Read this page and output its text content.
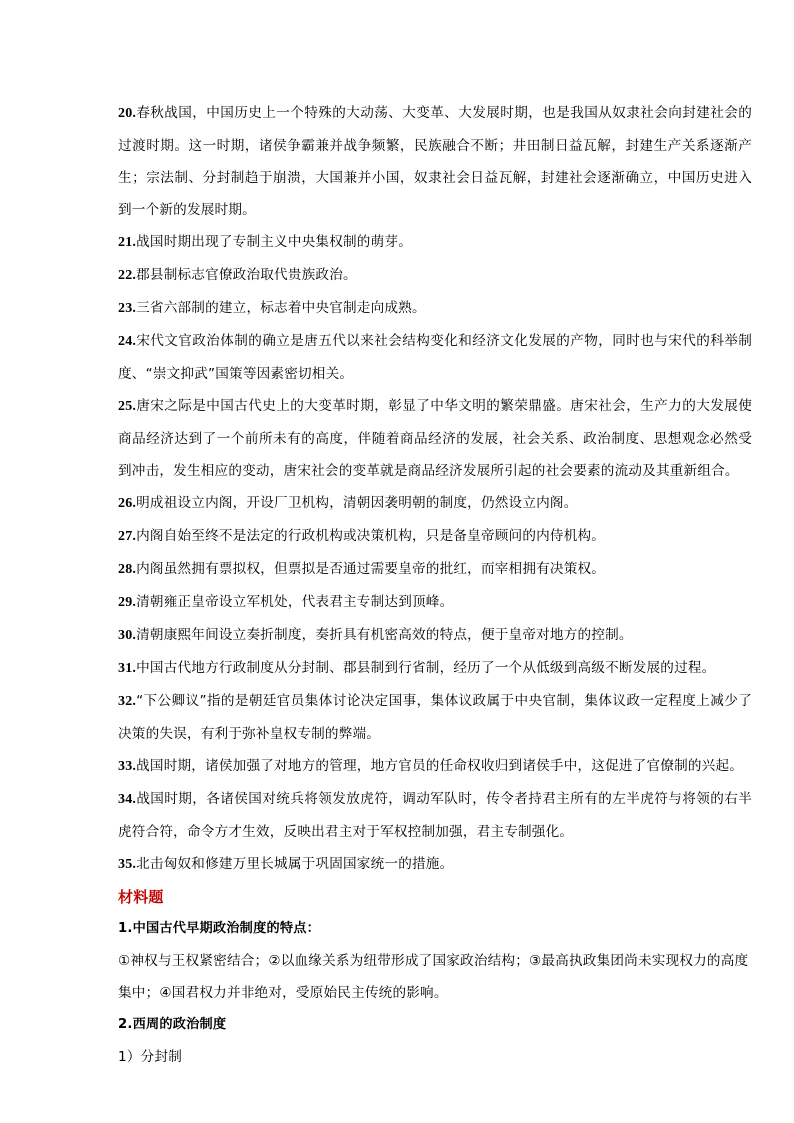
20.春秋战国，中国历史上一个特殊的大动荡、大变革、大发展时期，也是我国从奴隶社会向封建社会的过渡时期。这一时期，诸侯争霸兼并战争频繁，民族融合不断；井田制日益瓦解，封建生产关系逐渐产生；宗法制、分封制趋于崩溃，大国兼并小国，奴隶社会日益瓦解，封建社会逐渐确立，中国历史进入到一个新的发展时期。

21.战国时期出现了专制主义中央集权制的萌芽。

22.郡县制标志官僚政治取代贵族政治。

23.三省六部制的建立，标志着中央官制走向成熟。

24.宋代文官政治体制的确立是唐五代以来社会结构变化和经济文化发展的产物，同时也与宋代的科举制度、“崇文抑武”国策等因素密切相关。

25.唐宋之际是中国古代史上的大变革时期，彰显了中华文明的繁荣鼎盛。唐宋社会，生产力的大发展使商品经济达到了一个前所未有的高度，伴随着商品经济的发展，社会关系、政治制度、思想观念必然受到冲击，发生相应的变动，唐宋社会的变革就是商品经济发展所引起的社会要素的流动及其重新组合。

26.明成祖设立内阁，开设厂卫机构，清朝因袭明朝的制度，仍然设立内阁。

27.内阁自始至终不是法定的行政机构或决策机构，只是备皇帝顾问的内侍机构。

28.内阁虽然拥有票拟权，但票拟是否通过需要皇帝的批红，而宰相拥有决策权。

29.清朝雍正皇帝设立军机处，代表君主专制达到顶峰。

30.清朝康熙年间设立奏折制度，奏折具有机密高效的特点，便于皇帝对地方的控制。

31.中国古代地方行政制度从分封制、郡县制到行省制，经历了一个从低级到高级不断发展的过程。

32.“下公卿议”指的是朝廷官员集体讨论决定国事，集体议政属于中央官制，集体议政一定程度上减少了决策的失误，有利于弥补皇权专制的弊端。

33.战国时期，诸侯加强了对地方的管理，地方官员的任命权收归到诸侯手中，这促进了官僚制的兴起。

34.战国时期，各诸侯国对统兵将领发放虎符，调动军队时，传令者持君主所有的左半虎符与将领的右半虎符合符，命令方才生效，反映出君主对于军权控制加强，君主专制强化。

35.北击匈奴和修建万里长城属于巩固国家统一的措施。

材料题

1.中国古代早期政治制度的特点：

①神权与王权紧密结合；②以血缘关系为纽带形成了国家政治结构；③最高执政集团尚未实现权力的高度集中；④国君权力并非绝对，受原始民主传统的影响。

2.西周的政治制度

1）分封制
